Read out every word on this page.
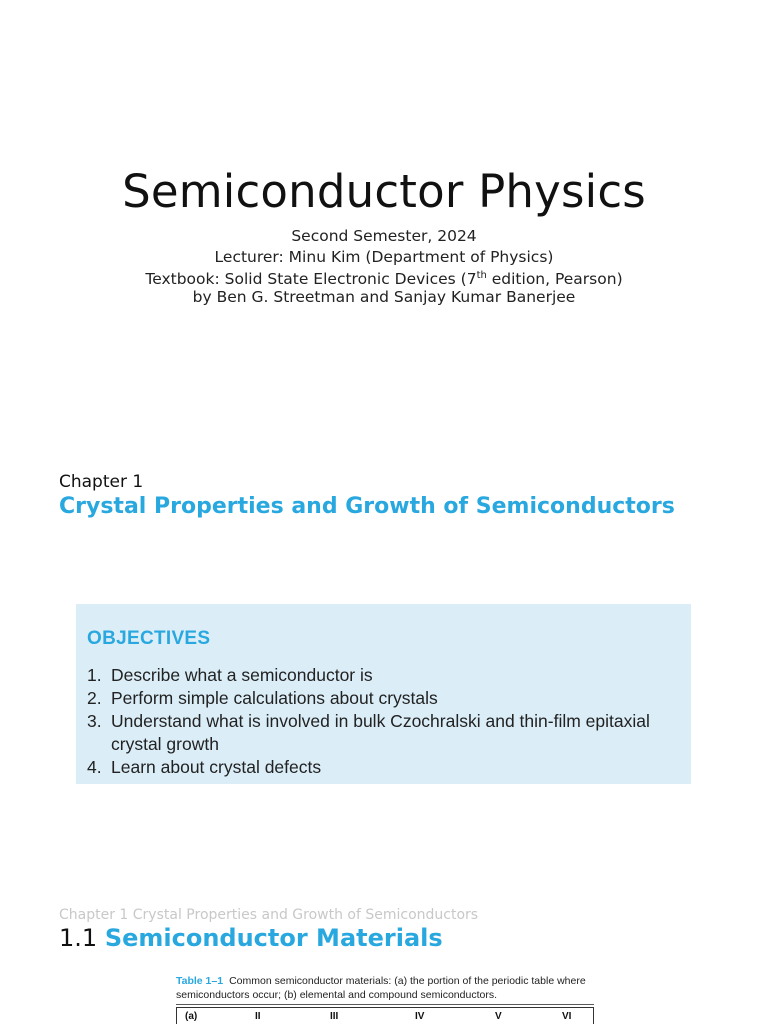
Semiconductor Physics
Second Semester, 2024
Lecturer: Minu Kim (Department of Physics)
Textbook: Solid State Electronic Devices (7th edition, Pearson)
by Ben G. Streetman and Sanjay Kumar Banerjee
Chapter 1
Crystal Properties and Growth of Semiconductors
OBJECTIVES
1. Describe what a semiconductor is
2. Perform simple calculations about crystals
3. Understand what is involved in bulk Czochralski and thin-film epitaxial crystal growth
4. Learn about crystal defects
Chapter 1 Crystal Properties and Growth of Semiconductors
1.1 Semiconductor Materials
Table 1–1 Common semiconductor materials: (a) the portion of the periodic table where semiconductors occur; (b) elemental and compound semiconductors.
(a)	II	III	IV	V	VI
